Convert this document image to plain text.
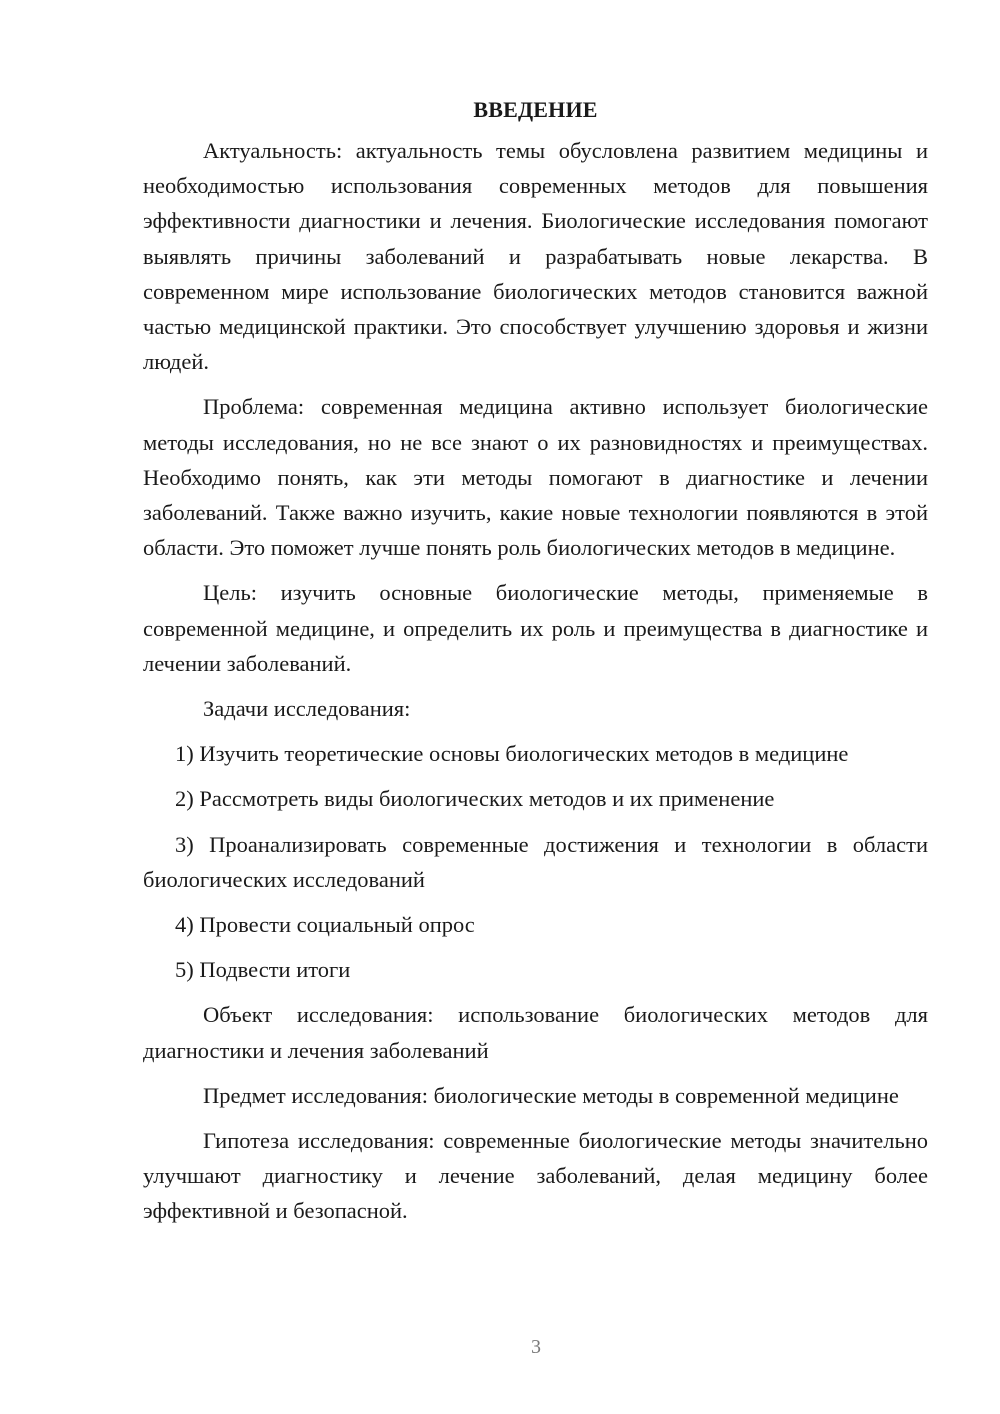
ВВЕДЕНИЕ

Актуальность: актуальность темы обусловлена развитием медицины и необходимостью использования современных методов для повышения эффективности диагностики и лечения. Биологические исследования помогают выявлять причины заболеваний и разрабатывать новые лекарства. В современном мире использование биологических методов становится важной частью медицинской практики. Это способствует улучшению здоровья и жизни людей.

Проблема: современная медицина активно использует биологические методы исследования, но не все знают о их разновидностях и преимуществах. Необходимо понять, как эти методы помогают в диагностике и лечении заболеваний. Также важно изучить, какие новые технологии появляются в этой области. Это поможет лучше понять роль биологических методов в медицине.

Цель: изучить основные биологические методы, применяемые в современной медицине, и определить их роль и преимущества в диагностике и лечении заболеваний.

Задачи исследования:

1) Изучить теоретические основы биологических методов в медицине

2) Рассмотреть виды биологических методов и их применение

3) Проанализировать современные достижения и технологии в области биологических исследований

4) Провести социальный опрос

5) Подвести итоги

Объект исследования: использование биологических методов для диагностики и лечения заболеваний

Предмет исследования: биологические методы в современной медицине

Гипотеза исследования: современные биологические методы значительно улучшают диагностику и лечение заболеваний, делая медицину более эффективной и безопасной.

3
